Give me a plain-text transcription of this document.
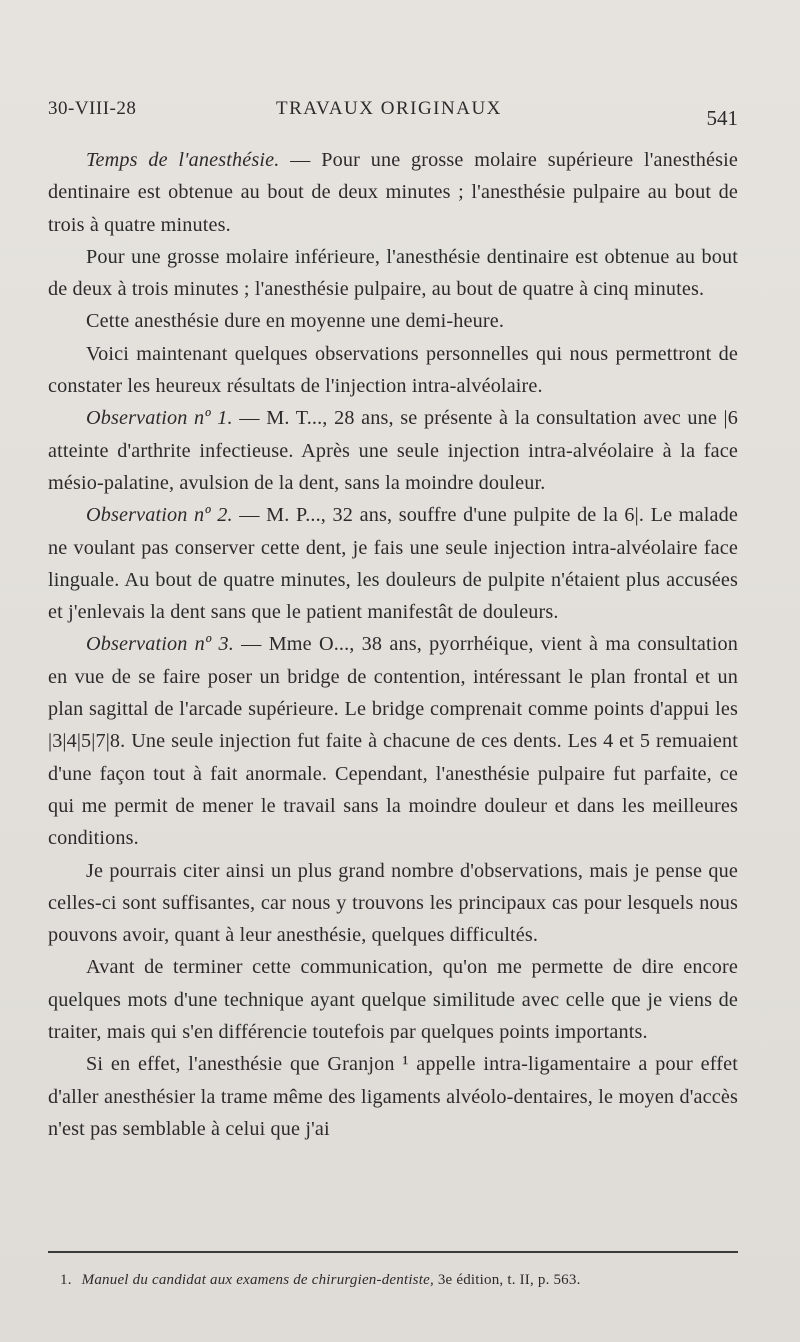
30-VIII-28	TRAVAUX ORIGINAUX	541

Temps de l'anesthésie. — Pour une grosse molaire supérieure l'anesthésie dentinaire est obtenue au bout de deux minutes ; l'anesthésie pulpaire au bout de trois à quatre minutes.

Pour une grosse molaire inférieure, l'anesthésie dentinaire est obtenue au bout de deux à trois minutes ; l'anesthésie pulpaire, au bout de quatre à cinq minutes.

Cette anesthésie dure en moyenne une demi-heure.

Voici maintenant quelques observations personnelles qui nous permettront de constater les heureux résultats de l'injection intra-alvéolaire.

Observation nº 1. — M. T..., 28 ans, se présente à la consultation avec une |6 atteinte d'arthrite infectieuse. Après une seule injection intra-alvéolaire à la face mésio-palatine, avulsion de la dent, sans la moindre douleur.

Observation nº 2. — M. P..., 32 ans, souffre d'une pulpite de la 6|. Le malade ne voulant pas conserver cette dent, je fais une seule injection intra-alvéolaire face linguale. Au bout de quatre minutes, les douleurs de pulpite n'étaient plus accusées et j'enlevais la dent sans que le patient manifestât de douleurs.

Observation nº 3. — Mme O..., 38 ans, pyorrhéique, vient à ma consultation en vue de se faire poser un bridge de contention, intéressant le plan frontal et un plan sagittal de l'arcade supérieure. Le bridge comprenait comme points d'appui les |3|4|5|7|8. Une seule injection fut faite à chacune de ces dents. Les 4 et 5 remuaient d'une façon tout à fait anormale. Cependant, l'anesthésie pulpaire fut parfaite, ce qui me permit de mener le travail sans la moindre douleur et dans les meilleures conditions.

Je pourrais citer ainsi un plus grand nombre d'observations, mais je pense que celles-ci sont suffisantes, car nous y trouvons les principaux cas pour lesquels nous pouvons avoir, quant à leur anesthésie, quelques difficultés.

Avant de terminer cette communication, qu'on me permette de dire encore quelques mots d'une technique ayant quelque similitude avec celle que je viens de traiter, mais qui s'en différencie toutefois par quelques points importants.

Si en effet, l'anesthésie que Granjon ¹ appelle intra-ligamentaire a pour effet d'aller anesthésier la trame même des ligaments alvéolo-dentaires, le moyen d'accès n'est pas semblable à celui que j'ai

1. Manuel du candidat aux examens de chirurgien-dentiste, 3e édition, t. II, p. 563.
